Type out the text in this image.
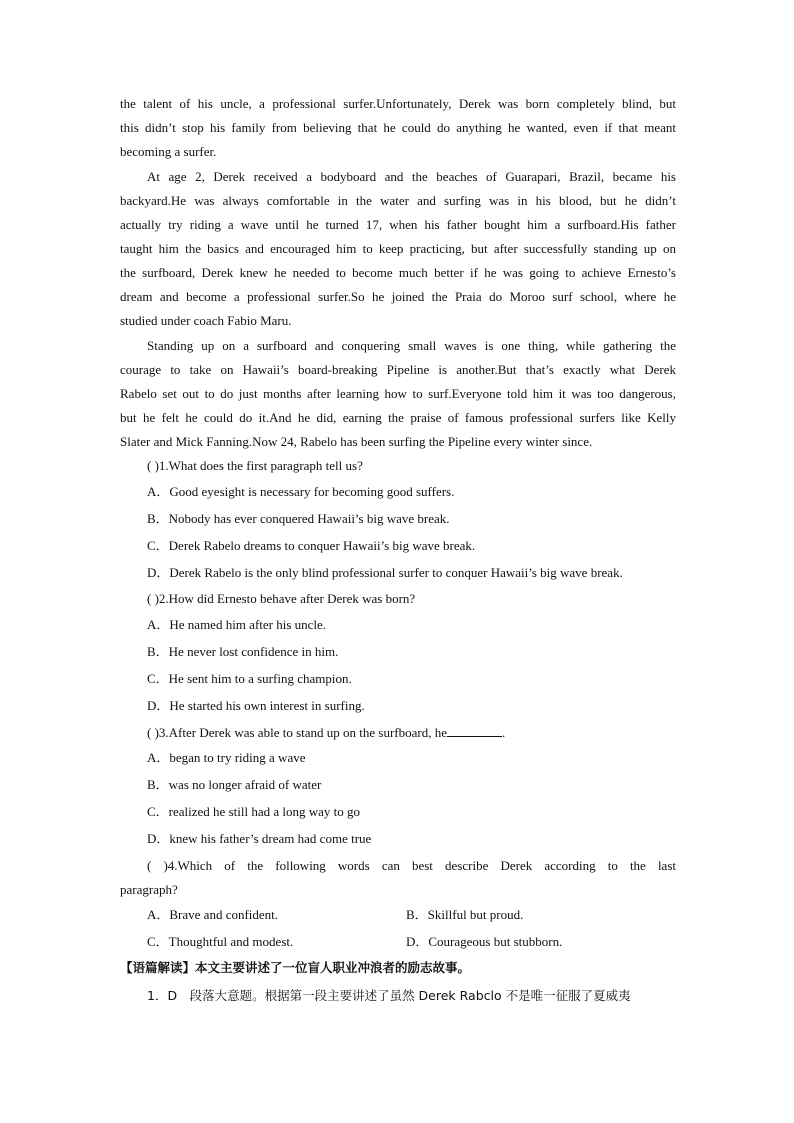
the talent of his uncle, a professional surfer.Unfortunately, Derek was born completely blind, but
this didn’t stop his family from believing that he could do anything he wanted, even if that meant
becoming a surfer.
At age 2, Derek received a bodyboard and the beaches of Guarapari, Brazil, became his
backyard.He was always comfortable in the water and surfing was in his blood, but he didn’t
actually try riding a wave until he turned 17, when his father bought him a surfboard.His father
taught him the basics and encouraged him to keep practicing, but after successfully standing up on
the surfboard, Derek knew he needed to become much better if he was going to achieve Ernesto’s
dream and become a professional surfer.So he joined the Praia do Moroo surf school, where he
studied under coach Fabio Maru.
Standing up on a surfboard and conquering small waves is one thing, while gathering the
courage to take on Hawaii’s board-breaking Pipeline is another.But that’s exactly what Derek
Rabelo set out to do just months after learning how to surf.Everyone told him it was too dangerous,
but he felt he could do it.And he did, earning the praise of famous professional surfers like Kelly
Slater and Mick Fanning.Now 24, Rabelo has been surfing the Pipeline every winter since.
( )1.What does the first paragraph tell us?
A．Good eyesight is necessary for becoming good suffers.
B．Nobody has ever conquered Hawaii’s big wave break.
C．Derek Rabelo dreams to conquer Hawaii’s big wave break.
D．Derek Rabelo is the only blind professional surfer to conquer Hawaii’s big wave break.
( )2.How did Ernesto behave after Derek was born?
A．He named him after his uncle.
B．He never lost confidence in him.
C．He sent him to a surfing champion.
D．He started his own interest in surfing.
( )3.After Derek was able to stand up on the surfboard, he	.
A．began to try riding a wave
B．was no longer afraid of water
C．realized he still had a long way to go
D．knew his father’s dream had come true
( )4.Which of the following words can best describe Derek according to the last
paragraph?
A．Brave and confident.	B．Skillful but proud.
C．Thoughtful and modest.	D．Courageous but stubborn.
【语篇解读】本文主要讲述了一位盲人职业冲浪者的励志故事。
1．D　段落大意题。根据第一段主要讲述了虽然 Derek Rabclo 不是唯一征服了夏威夷
